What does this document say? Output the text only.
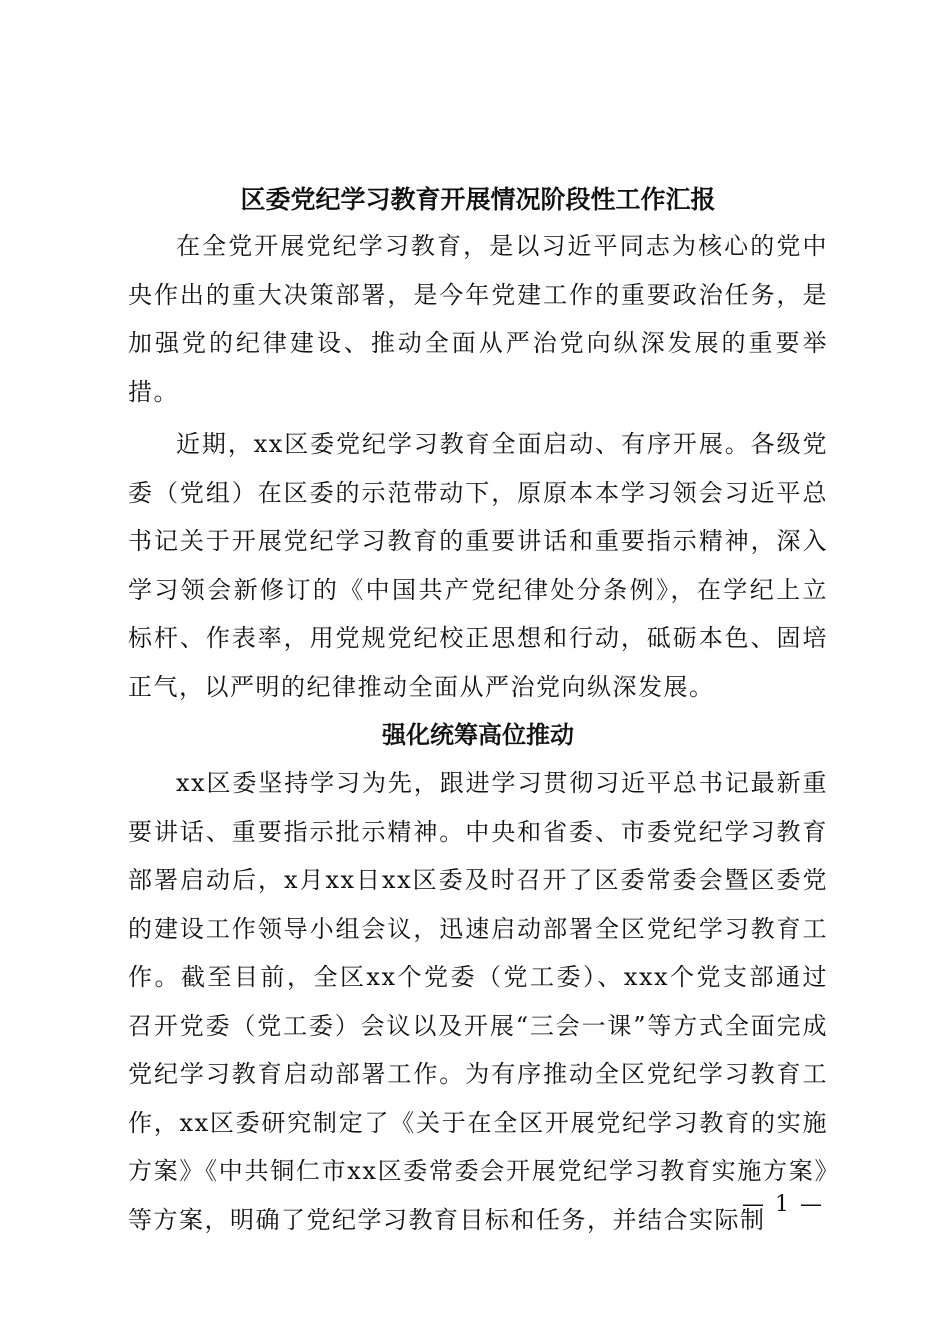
区委党纪学习教育开展情况阶段性工作汇报

在全党开展党纪学习教育，是以习近平同志为核心的党中央作出的重大决策部署，是今年党建工作的重要政治任务，是加强党的纪律建设、推动全面从严治党向纵深发展的重要举措。

近期，xx区委党纪学习教育全面启动、有序开展。各级党委（党组）在区委的示范带动下，原原本本学习领会习近平总书记关于开展党纪学习教育的重要讲话和重要指示精神，深入学习领会新修订的《中国共产党纪律处分条例》，在学纪上立标杆、作表率，用党规党纪校正思想和行动，砥砺本色、固培正气，以严明的纪律推动全面从严治党向纵深发展。

强化统筹高位推动

xx区委坚持学习为先，跟进学习贯彻习近平总书记最新重要讲话、重要指示批示精神。中央和省委、市委党纪学习教育部署启动后，x月xx日xx区委及时召开了区委常委会暨区委党的建设工作领导小组会议，迅速启动部署全区党纪学习教育工作。截至目前，全区xx个党委（党工委）、xxx个党支部通过召开党委（党工委）会议以及开展“三会一课”等方式全面完成党纪学习教育启动部署工作。为有序推动全区党纪学习教育工作，xx区委研究制定了《关于在全区开展党纪学习教育的实施方案》《中共铜仁市xx区委常委会开展党纪学习教育实施方案》等方案，明确了党纪学习教育目标和任务，并结合实际制

— 1 —
